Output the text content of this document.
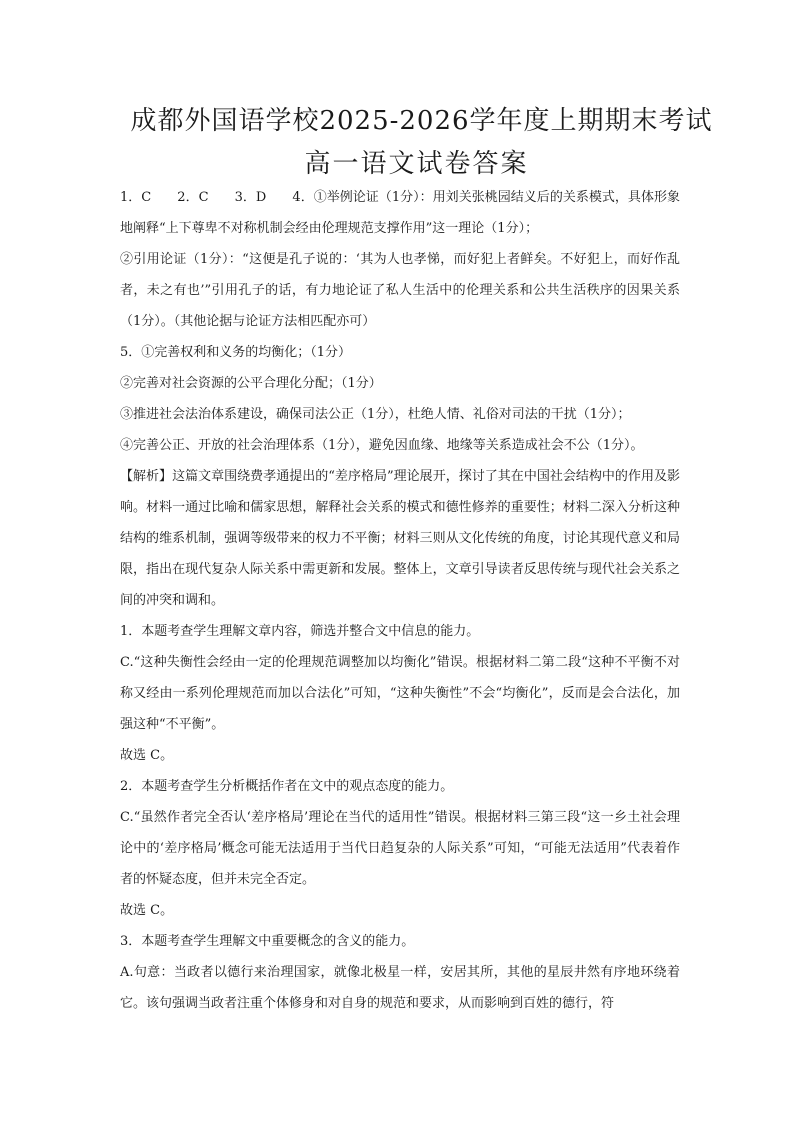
成都外国语学校2025-2026学年度上期期末考试
高一语文试卷答案

1．C　　2．C　　3．D　　4．①举例论证（1分）：用刘关张桃园结义后的关系模式，具体形象地阐释“上下尊卑不对称机制会经由伦理规范支撑作用”这一理论（1分）；

②引用论证（1分）：“这便是孔子说的：‘其为人也孝悌，而好犯上者鲜矣。不好犯上，而好作乱者，未之有也’”引用孔子的话，有力地论证了私人生活中的伦理关系和公共生活秩序的因果关系（1分）。（其他论据与论证方法相匹配亦可）

5．①完善权利和义务的均衡化；（1分）

②完善对社会资源的公平合理化分配；（1分）

③推进社会法治体系建设，确保司法公正（1分），杜绝人情、礼俗对司法的干扰（1分）；

④完善公正、开放的社会治理体系（1分），避免因血缘、地缘等关系造成社会不公（1分）。

【解析】这篇文章围绕费孝通提出的“差序格局”理论展开，探讨了其在中国社会结构中的作用及影响。材料一通过比喻和儒家思想，解释社会关系的模式和德性修养的重要性；材料二深入分析这种结构的维系机制，强调等级带来的权力不平衡；材料三则从文化传统的角度，讨论其现代意义和局限，指出在现代复杂人际关系中需更新和发展。整体上，文章引导读者反思传统与现代社会关系之间的冲突和调和。

1．本题考查学生理解文章内容，筛选并整合文中信息的能力。

C.“这种失衡性会经由一定的伦理规范调整加以均衡化”错误。根据材料二第二段“这种不平衡不对称又经由一系列伦理规范而加以合法化”可知，“这种失衡性”不会“均衡化”，反而是会合法化，加强这种“不平衡”。

故选 C。

2．本题考查学生分析概括作者在文中的观点态度的能力。

C.“虽然作者完全否认‘差序格局’理论在当代的适用性”错误。根据材料三第三段“这一乡土社会理论中的‘差序格局’概念可能无法适用于当代日趋复杂的人际关系”可知，“可能无法适用”代表着作者的怀疑态度，但并未完全否定。

故选 C。

3．本题考查学生理解文中重要概念的含义的能力。

A.句意：当政者以德行来治理国家，就像北极星一样，安居其所，其他的星辰井然有序地环绕着它。该句强调当政者注重个体修身和对自身的规范和要求，从而影响到百姓的德行，符
